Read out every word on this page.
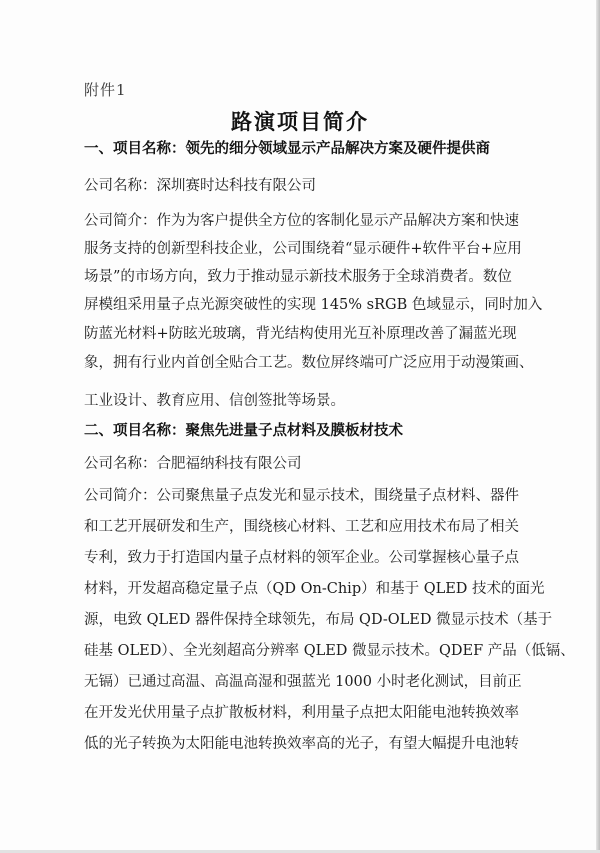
附件1
路演项目简介
一、项目名称：领先的细分领域显示产品解决方案及硬件提供商
公司名称：深圳赛时达科技有限公司
公司简介：作为为客户提供全方位的客制化显示产品解决方案和快速
服务支持的创新型科技企业，公司围绕着“显示硬件+软件平台+应用
场景”的市场方向，致力于推动显示新技术服务于全球消费者。数位
屏模组采用量子点光源突破性的实现 145% sRGB 色域显示，同时加入
防蓝光材料+防眩光玻璃，背光结构使用光互补原理改善了漏蓝光现
象，拥有行业内首创全贴合工艺。数位屏终端可广泛应用于动漫策画、
工业设计、教育应用、信创签批等场景。
二、项目名称：聚焦先进量子点材料及膜板材技术
公司名称：合肥福纳科技有限公司
公司简介：公司聚焦量子点发光和显示技术，围绕量子点材料、器件
和工艺开展研发和生产，围绕核心材料、工艺和应用技术布局了相关
专利，致力于打造国内量子点材料的领军企业。公司掌握核心量子点
材料，开发超高稳定量子点（QD On-Chip）和基于 QLED 技术的面光
源，电致 QLED 器件保持全球领先，布局 QD-OLED 微显示技术（基于
硅基 OLED）、全光刻超高分辨率 QLED 微显示技术。QDEF 产品（低镉、
无镉）已通过高温、高温高湿和强蓝光 1000 小时老化测试，目前正
在开发光伏用量子点扩散板材料，利用量子点把太阳能电池转换效率
低的光子转换为太阳能电池转换效率高的光子，有望大幅提升电池转
